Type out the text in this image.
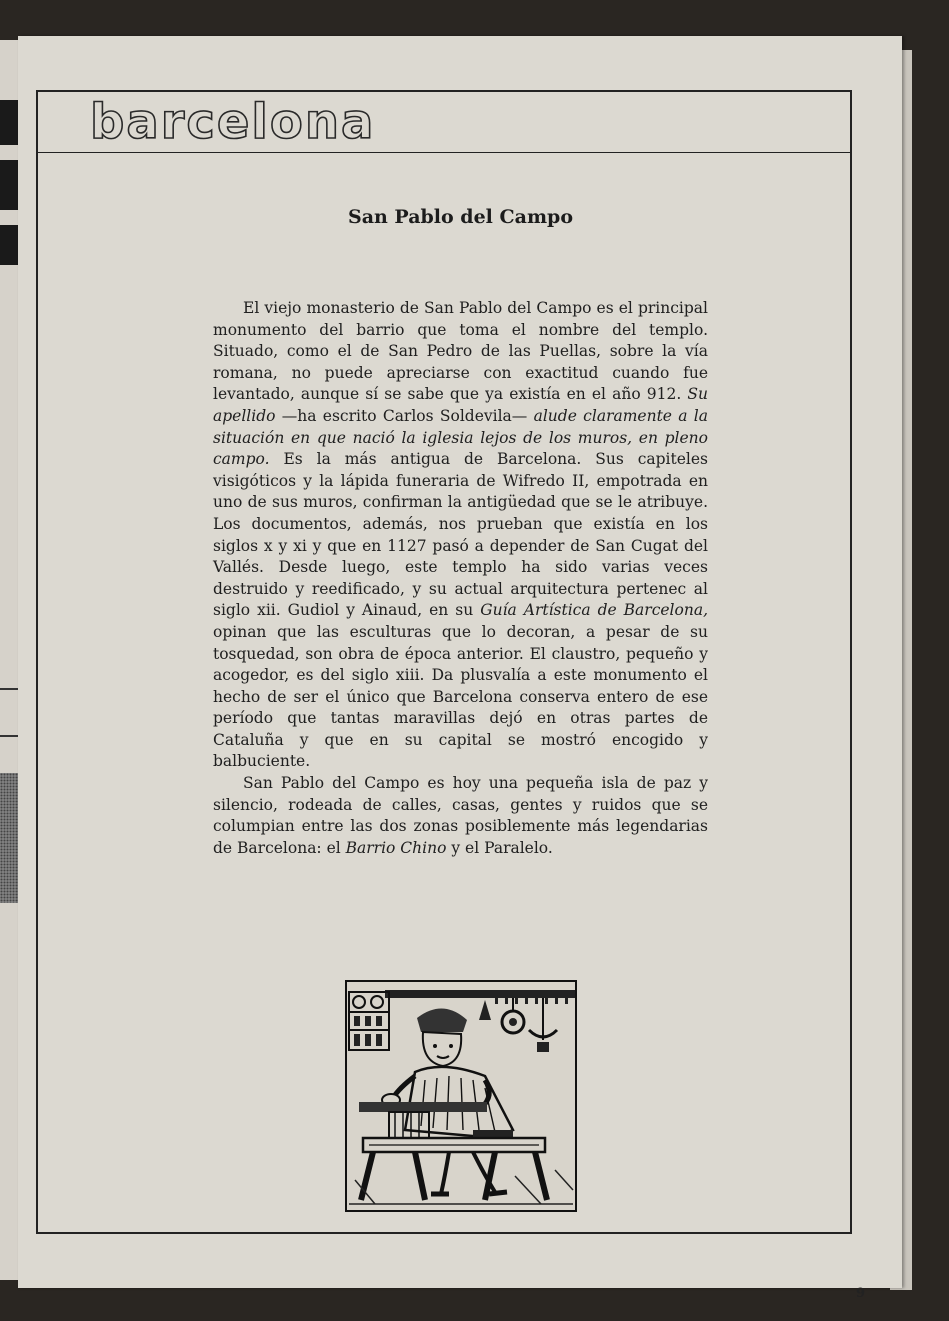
barcelona
San Pablo del Campo

El viejo monasterio de San Pablo del Campo es el principal monumento del barrio que toma el nombre del templo. Situado, como el de San Pedro de las Puellas, sobre la vía romana, no puede apreciarse con exactitud cuando fue levantado, aunque sí se sabe que ya existía en el año 912. Su apellido —ha escrito Carlos Soldevila— alude claramente a la situación en que nació la iglesia lejos de los muros, en pleno campo. Es la más antigua de Barcelona. Sus capiteles visigóticos y la lápida funeraria de Wifredo II, empotrada en uno de sus muros, confirman la antigüedad que se le atribuye. Los documentos, además, nos prueban que existía en los siglos x y xi y que en 1127 pasó a depender de San Cugat del Vallés. Desde luego, este templo ha sido varias veces destruido y reedificado, y su actual arquitectura pertenec al siglo xii. Gudiol y Ainaud, en su Guía Artística de Barcelona, opinan que las esculturas que lo decoran, a pesar de su tosquedad, son obra de época anterior. El claustro, pequeño y acogedor, es del siglo xiii. Da plusvalía a este monumento el hecho de ser el único que Barcelona conserva entero de ese período que tantas maravillas dejó en otras partes de Cataluña y que en su capital se mostró encogido y balbuciente.

San Pablo del Campo es hoy una pequeña isla de paz y silencio, rodeada de calles, casas, gentes y ruidos que se columpian entre las dos zonas posiblemente más legendarias de Barcelona: el Barrio Chino y el Paralelo.

9
